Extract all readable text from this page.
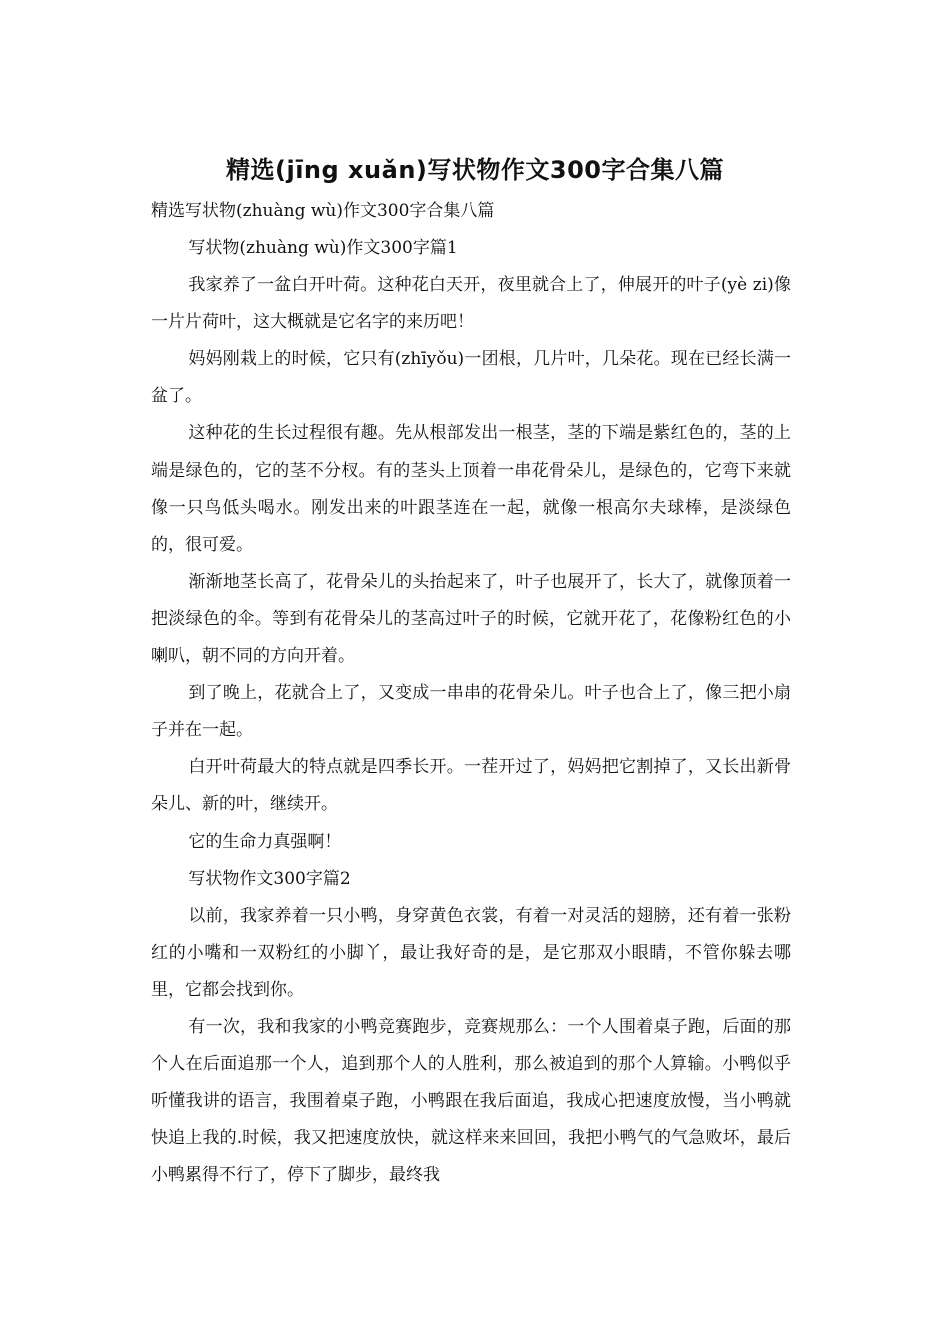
精选(jīng xuǎn)写状物作文300字合集八篇
精选写状物(zhuàng wù)作文300字合集八篇

写状物(zhuàng wù)作文300字篇1

我家养了一盆白开叶荷。这种花白天开，夜里就合上了，伸展开的叶子(yè zi)像一片片荷叶，这大概就是它名字的来历吧！

妈妈刚栽上的时候，它只有(zhīyǒu)一团根，几片叶，几朵花。现在已经长满一盆了。

这种花的生长过程很有趣。先从根部发出一根茎，茎的下端是紫红色的，茎的上端是绿色的，它的茎不分杈。有的茎头上顶着一串花骨朵儿，是绿色的，它弯下来就像一只鸟低头喝水。刚发出来的叶跟茎连在一起，就像一根高尔夫球棒，是淡绿色的，很可爱。

渐渐地茎长高了，花骨朵儿的头抬起来了，叶子也展开了，长大了，就像顶着一把淡绿色的伞。等到有花骨朵儿的茎高过叶子的时候，它就开花了，花像粉红色的小喇叭，朝不同的方向开着。

到了晚上，花就合上了，又变成一串串的花骨朵儿。叶子也合上了，像三把小扇子并在一起。

白开叶荷最大的特点就是四季长开。一茬开过了，妈妈把它割掉了，又长出新骨朵儿、新的叶，继续开。

它的生命力真强啊！

写状物作文300字篇2

以前，我家养着一只小鸭，身穿黄色衣裳，有着一对灵活的翅膀，还有着一张粉红的小嘴和一双粉红的小脚丫，最让我好奇的是，是它那双小眼睛，不管你躲去哪里，它都会找到你。

有一次，我和我家的小鸭竞赛跑步，竞赛规那么：一个人围着桌子跑，后面的那个人在后面追那一个人，追到那个人的人胜利，那么被追到的那个人算输。小鸭似乎听懂我讲的语言，我围着桌子跑，小鸭跟在我后面追，我成心把速度放慢，当小鸭就快追上我的.时候，我又把速度放快，就这样来来回回，我把小鸭气的气急败坏，最后小鸭累得不行了，停下了脚步，最终我
